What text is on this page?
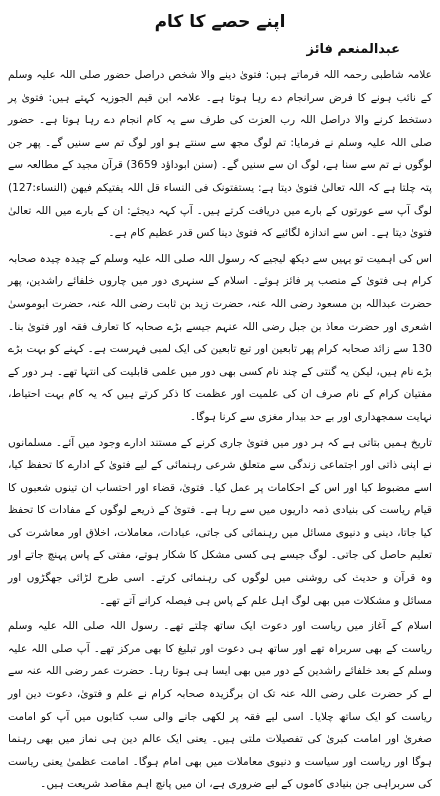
اپنے حصے کا کام
عبدالمنعم فائز

علامہ شاطبی رحمہ اللہ فرماتے ہیں: فتویٰ دینے والا شخص دراصل حضور صلی اللہ علیہ وسلم کے نائب ہونے کا فرض سرانجام دے رہا ہوتا ہے۔ علامہ ابن قیم الجوزیہ کہتے ہیں: فتویٰ پر دستخط کرنے والا دراصل اللہ رب العزت کی طرف سے یہ کام انجام دے رہا ہوتا ہے۔ حضور صلی اللہ علیہ وسلم نے فرمایا: تم لوگ مجھ سے سنتے ہو اور لوگ تم سے سنیں گے۔ پھر جن لوگوں نے تم سے سنا ہے، لوگ ان سے سنیں گے۔ (سنن ابوداؤد 3659) قرآن مجید کے مطالعہ سے پتہ چلتا ہے کہ اللہ تعالیٰ فتویٰ دیتا ہے: یستفتونک فی النساء قل اللہ یفتیکم فیھن (النساء:127) لوگ آپ سے عورتوں کے بارے میں دریافت کرتے ہیں۔ آپ کہہ دیجئے: ان کے بارے میں اللہ تعالیٰ فتویٰ دیتا ہے۔ اس سے اندازہ لگائیے کہ فتویٰ دینا کس قدر عظیم کام ہے۔

اس کی اہمیت تو یہیں سے دیکھ لیجیے کہ رسول اللہ صلی اللہ علیہ وسلم کے چیدہ چیدہ صحابہ کرام ہی فتویٰ کے منصب پر فائز ہوئے۔ اسلام کے سنہری دور میں چاروں خلفائے راشدین، پھر حضرت عبداللہ بن مسعود رضی اللہ عنہ، حضرت زید بن ثابت رضی اللہ عنہ، حضرت ابوموسیٰ اشعری اور حضرت معاذ بن جبل رضی اللہ عنہم جیسے بڑے صحابہ کا تعارف فقہ اور فتویٰ بنا۔ 130 سے زائد صحابہ کرام پھر تابعین اور تبع تابعین کی ایک لمبی فہرست ہے۔ کہنے کو بہت بڑے بڑے نام ہیں، لیکن یہ گنتی کے چند نام کسی بھی دور میں علمی قابلیت کی انتہا تھے۔ ہر دور کے مفتیان کرام کے نام صرف ان کی علمیت اور عظمت کا ذکر کرتے ہیں کہ یہ کام بہت احتیاط، نہایت سمجھداری اور بے حد بیدار مغزی سے کرنا ہوگا۔

تاریخ ہمیں بتاتی ہے کہ ہر دور میں فتویٰ جاری کرنے کے مستند ادارے وجود میں آئے۔ مسلمانوں نے اپنی ذاتی اور اجتماعی زندگی سے متعلق شرعی رہنمائی کے لیے فتویٰ کے ادارے کا تحفظ کیا، اسے مضبوط کیا اور اس کے احکامات پر عمل کیا۔ فتویٰ، قضاء اور احتساب ان تینوں شعبوں کا قیام ریاست کی بنیادی ذمہ داریوں میں سے رہا ہے۔ فتویٰ کے ذریعے لوگوں کے مفادات کا تحفظ کیا جاتا، دینی و دنیوی مسائل میں رہنمائی کی جاتی، عبادات، معاملات، اخلاق اور معاشرت کی تعلیم حاصل کی جاتی۔ لوگ جیسے ہی کسی مشکل کا شکار ہوتے، مفتی کے پاس پہنچ جاتے اور وہ قرآن و حدیث کی روشنی میں لوگوں کی رہنمائی کرتے۔ اسی طرح لڑائی جھگڑوں اور مسائل و مشکلات میں بھی لوگ اہل علم کے پاس ہی فیصلہ کرانے آتے تھے۔

اسلام کے آغاز میں ریاست اور دعوت ایک ساتھ چلتے تھے۔ رسول اللہ صلی اللہ علیہ وسلم ریاست کے بھی سربراہ تھے اور ساتھ ہی دعوت اور تبلیغ کا بھی مرکز تھے۔ آپ صلی اللہ علیہ وسلم کے بعد خلفائے راشدین کے دور میں بھی ایسا ہی ہوتا رہا۔ حضرت عمر رضی اللہ عنہ سے لے کر حضرت علی رضی اللہ عنہ تک ان برگزیدہ صحابہ کرام نے علم و فتویٰ، دعوت دین اور ریاست کو ایک ساتھ چلایا۔ اسی لیے فقہ پر لکھی جانے والی سب کتابوں میں آپ کو امامت صغریٰ اور امامت کبریٰ کی تفصیلات ملتی ہیں۔ یعنی ایک عالم دین ہی نماز میں بھی رہنما ہوگا اور ریاست اور سیاست و دنیوی معاملات میں بھی امام ہوگا۔ امامت عظمیٰ یعنی ریاست کی سربراہی جن بنیادی کاموں کے لیے ضروری ہے، ان میں پانچ اہم مقاصد شریعت ہیں۔
